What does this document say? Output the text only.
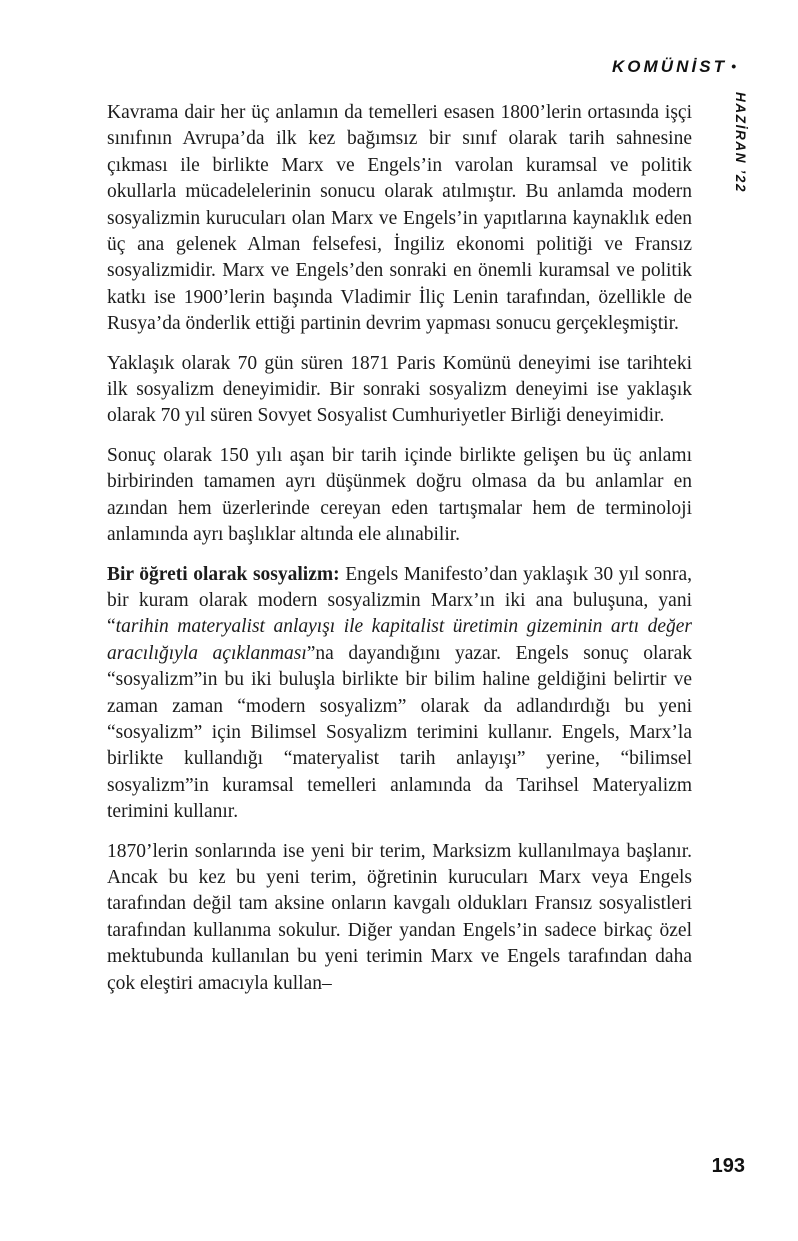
KOMÜNİST •
HAZİRAN ’22

Kavrama dair her üç anlamın da temelleri esasen 1800’lerin ortasında işçi sınıfının Avrupa’da ilk kez bağımsız bir sınıf olarak tarih sahnesine çıkması ile birlikte Marx ve Engels’in varolan kuramsal ve politik okullarla mücadelelerinin sonucu olarak atılmıştır. Bu anlamda modern sosyalizmin kurucuları olan Marx ve Engels’in yapıtlarına kaynaklık eden üç ana gelenek Alman felsefesi, İngiliz ekonomi politiği ve Fransız sosyalizmidir. Marx ve Engels’den sonraki en önemli kuramsal ve politik katkı ise 1900’lerin başında Vladimir İliç Lenin tarafından, özellikle de Rusya’da önderlik ettiği partinin devrim yapması sonucu gerçekleşmiştir.

Yaklaşık olarak 70 gün süren 1871 Paris Komünü deneyimi ise tarihteki ilk sosyalizm deneyimidir. Bir sonraki sosyalizm deneyimi ise yaklaşık olarak 70 yıl süren Sovyet Sosyalist Cumhuriyetler Birliği deneyimidir.

Sonuç olarak 150 yılı aşan bir tarih içinde birlikte gelişen bu üç anlamı birbirinden tamamen ayrı düşünmek doğru olmasa da bu anlamlar en azından hem üzerlerinde cereyan eden tartışmalar hem de terminoloji anlamında ayrı başlıklar altında ele alınabilir.

Bir öğreti olarak sosyalizm: Engels Manifesto’dan yaklaşık 30 yıl sonra, bir kuram olarak modern sosyalizmin Marx’ın iki ana buluşuna, yani “tarihin materyalist anlayışı ile kapitalist üretimin gizeminin artı değer aracılığıyla açıklanması”na dayandığını yazar. Engels sonuç olarak “sosyalizm”in bu iki buluşla birlikte bir bilim haline geldiğini belirtir ve zaman zaman “modern sosyalizm” olarak da adlandırdığı bu yeni “sosyalizm” için Bilimsel Sosyalizm terimini kullanır. Engels, Marx’la birlikte kullandığı “materyalist tarih anlayışı” yerine, “bilimsel sosyalizm”in kuramsal temelleri anlamında da Tarihsel Materyalizm terimini kullanır.

1870’lerin sonlarında ise yeni bir terim, Marksizm kullanılmaya başlanır. Ancak bu kez bu yeni terim, öğretinin kurucuları Marx veya Engels tarafından değil tam aksine onların kavgalı oldukları Fransız sosyalistleri tarafından kullanıma sokulur. Diğer yandan Engels’in sadece birkaç özel mektubunda kullanılan bu yeni terimin Marx ve Engels tarafından daha çok eleştiri amacıyla kullan–

193
